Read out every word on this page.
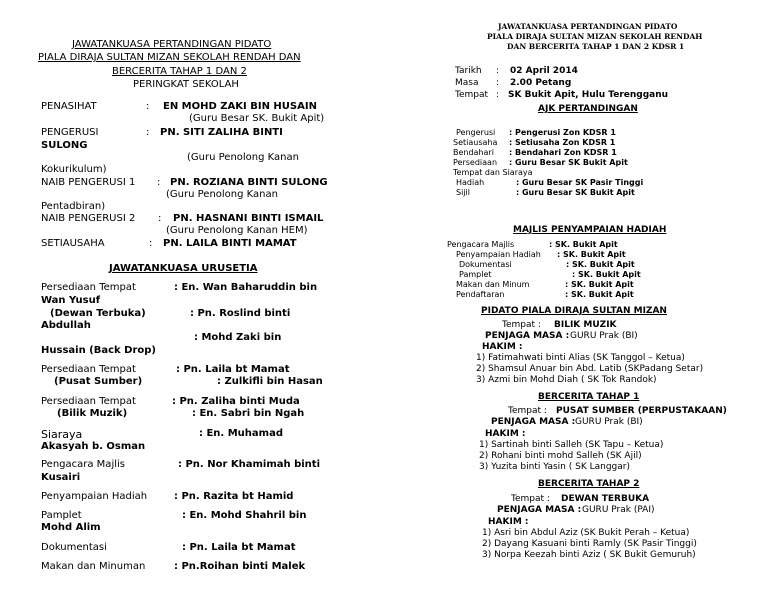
JAWATANKUASA PERTANDINGAN PIDATO
PIALA DIRAJA SULTAN MIZAN SEKOLAH RENDAH DAN
BERCERITA TAHAP 1 DAN 2
PERINGKAT SEKOLAH
PENASIHAT	: EN MOHD ZAKI BIN HUSAIN
(Guru Besar SK. Bukit Apit)
PENGERUSI	: PN. SITI ZALIHA BINTI
SULONG
(Guru Penolong Kanan
Kokurikulum)
NAIB PENGERUSI 1 : PN. ROZIANA BINTI SULONG
(Guru Penolong Kanan
Pentadbiran)
NAIB PENGERUSI 2 : PN. HASNANI BINTI ISMAIL
(Guru Penolong Kanan HEM)
SETIAUSAHA	: PN. LAILA BINTI MAMAT
JAWATANKUASA URUSETIA
Persediaan Tempat	: En. Wan Baharuddin bin
Wan Yusuf
(Dewan Terbuka)	: Pn. Roslind binti
Abdullah
: Mohd Zaki bin
Hussain (Back Drop)
Persediaan Tempat	: Pn. Laila bt Mamat
(Pusat Sumber)	: Zulkifli bin Hasan
Persediaan Tempat	: Pn. Zaliha binti Muda
(Bilik Muzik)	: En. Sabri bin Ngah
Siaraya	: En. Muhamad
Akasyah b. Osman
Pengacara Majlis	: Pn. Nor Khamimah binti
Kusairi
Penyampaian Hadiah	: Pn. Razita bt Hamid
Pamplet	: En. Mohd Shahril bin
Mohd Alim
Dokumentasi	: Pn. Laila bt Mamat
Makan dan Minuman	: Pn.Roihan binti Malek
JAWATANKUASA PERTANDINGAN PIDATO
PIALA DIRAJA SULTAN MIZAN SEKOLAH RENDAH
DAN BERCERITA TAHAP 1 DAN 2 KDSR 1
Tarikh : 02 April 2014
Masa : 2.00 Petang
Tempat : SK Bukit Apit, Hulu Terengganu
AJK PERTANDINGAN
Pengerusi : Pengerusi Zon KDSR 1
Setiausaha : Setiusaha Zon KDSR 1
Bendahari : Bendahari Zon KDSR 1
Persediaan : Guru Besar SK Bukit Apit
Tempat dan Siaraya
Hadiah	: Guru Besar SK Pasir Tinggi
Sijil	: Guru Besar SK Bukit Apit
MAJLIS PENYAMPAIAN HADIAH
Pengacara Majlis	: SK. Bukit Apit
Penyampaian Hadiah : SK. Bukit Apit
Dokumentasi	: SK. Bukit Apit
Pamplet	: SK. Bukit Apit
Makan dan Minum	: SK. Bukit Apit
Pendaftaran	: SK. Bukit Apit
PIDATO PIALA DIRAJA SULTAN MIZAN
Tempat : BILIK MUZIK
PENJAGA MASA : GURU Prak (BI)
HAKIM :
1) Fatimahwati binti Alias (SK Tanggol – Ketua)
2) Shamsul Anuar bin Abd. Latib (SKPadang Setar)
3) Azmi bin Mohd Diah ( SK Tok Randok)
BERCERITA TAHAP 1
Tempat : PUSAT SUMBER (PERPUSTAKAAN)
PENJAGA MASA : GURU Prak (BI)
HAKIM :
1) Sartinah binti Salleh (SK Tapu – Ketua)
2) Rohani binti mohd Salleh (SK Ajil)
3) Yuzita binti Yasin ( SK Langgar)
BERCERITA TAHAP 2
Tempat : DEWAN TERBUKA
PENJAGA MASA : GURU Prak (PAI)
HAKIM :
1) Asri bin Abdul Aziz (SK Bukit Perah – Ketua)
2) Dayang Kasuani binti Ramly (SK Pasir Tinggi)
3) Norpa Keezah binti Aziz ( SK Bukit Gemuruh)
